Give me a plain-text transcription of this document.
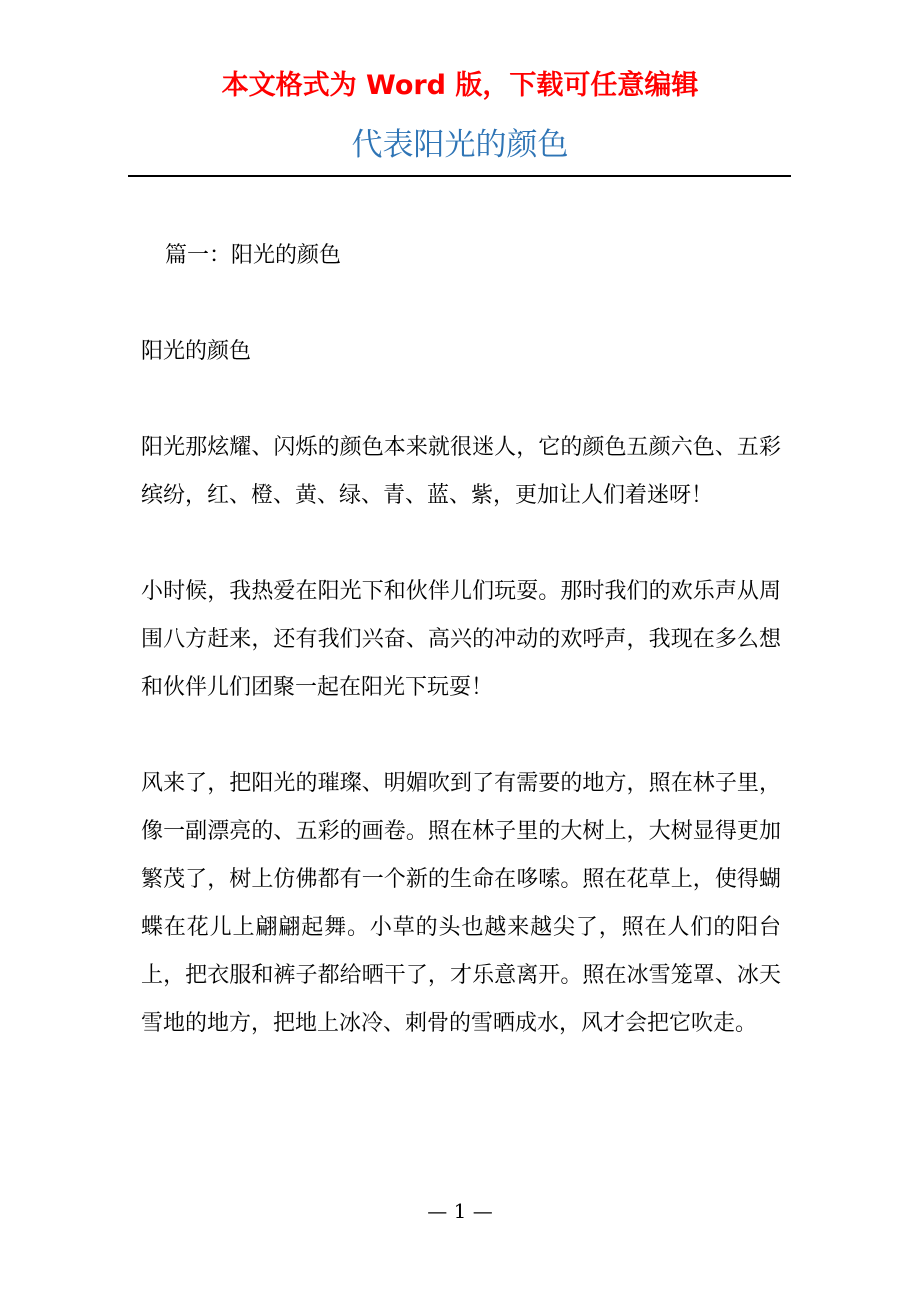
本文格式为 Word 版，下载可任意编辑
代表阳光的颜色

篇一：阳光的颜色

阳光的颜色

阳光那炫耀、闪烁的颜色本来就很迷人，它的颜色五颜六色、五彩缤纷，红、橙、黄、绿、青、蓝、紫，更加让人们着迷呀！

小时候，我热爱在阳光下和伙伴儿们玩耍。那时我们的欢乐声从周围八方赶来，还有我们兴奋、高兴的冲动的欢呼声，我现在多么想和伙伴儿们团聚一起在阳光下玩耍！

风来了，把阳光的璀璨、明媚吹到了有需要的地方，照在林子里，像一副漂亮的、五彩的画卷。照在林子里的大树上，大树显得更加繁茂了，树上仿佛都有一个新的生命在哆嗦。照在花草上，使得蝴蝶在花儿上翩翩起舞。小草的头也越来越尖了，照在人们的阳台上，把衣服和裤子都给晒干了，才乐意离开。照在冰雪笼罩、冰天雪地的地方，把地上冰冷、刺骨的雪晒成水，风才会把它吹走。

— 1 —
